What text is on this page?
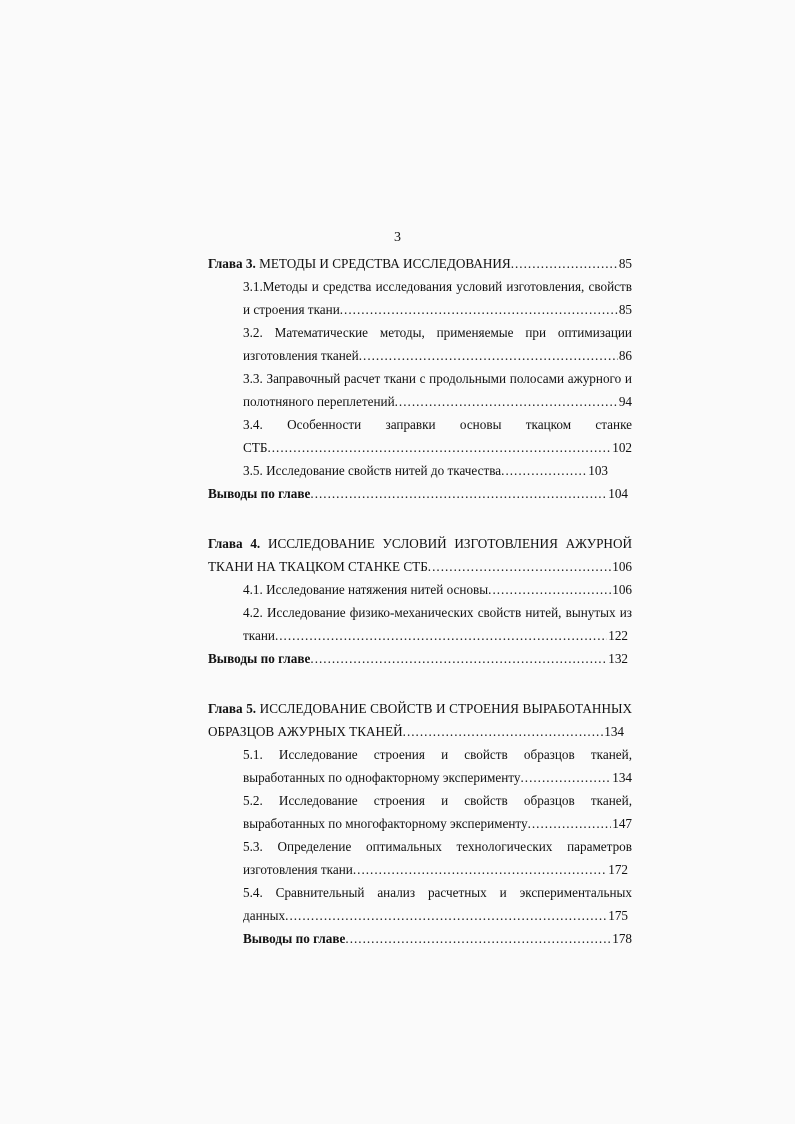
3
Глава 3. МЕТОДЫ И СРЕДСТВА ИССЛЕДОВАНИЯ .....	85
3.1.Методы и средства исследования условий изготовления, свойств
и строения ткани .....	85
3.2. Математические методы, применяемые при оптимизации
изготовления тканей .....	86
3.3. Заправочный расчет ткани с продольными полосами ажурного и
полотняного переплетений .....	94
3.4. Особенности заправки основы ткацком станке
СТБ .....	102
3.5. Исследование свойств нитей до ткачества .....	103
Выводы по главе .....	104
Глава 4. ИССЛЕДОВАНИЕ УСЛОВИЙ ИЗГОТОВЛЕНИЯ АЖУРНОЙ
ТКАНИ НА ТКАЦКОМ СТАНКЕ СТБ .....	106
4.1. Исследование натяжения нитей основы .....	106
4.2. Исследование физико-механических свойств нитей, вынутых из
ткани .....	122
Выводы по главе .....	132
Глава 5. ИССЛЕДОВАНИЕ СВОЙСТВ И СТРОЕНИЯ ВЫРАБОТАННЫХ
ОБРАЗЦОВ АЖУРНЫХ ТКАНЕЙ .....	134
5.1. Исследование строения и свойств образцов тканей,
выработанных по однофакторному эксперименту .....	134
5.2. Исследование строения и свойств образцов тканей,
выработанных по многофакторному эксперименту .....	147
5.3. Определение оптимальных технологических параметров
изготовления ткани .....	172
5.4. Сравнительный анализ расчетных и экспериментальных
данных .....	175
Выводы по главе .....	178
